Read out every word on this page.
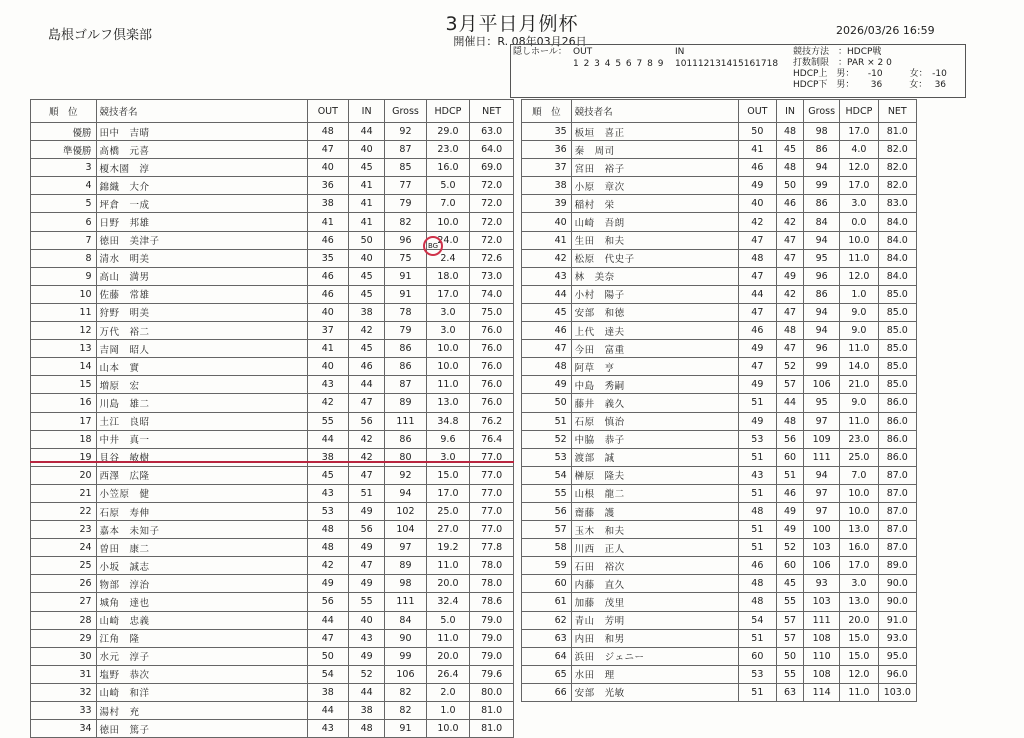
島根ゴルフ倶楽部
3月平日月例杯
開催日：R. 08年03月26日
2026/03/26 16:59
隠しホール： OUT
1 2 3 4 5 6 7 8 9
IN
101112131415161718
競技方法　：HDCP戦
打数制限　：PAR × 2 0
HDCP上　男：　　-10　　　女：　-10
HDCP下　男：　　 36　　　女：　 36
順　位	競技者名	OUT	IN	Gross	HDCP	NET
優勝	田中　吉晴	48	44	92	29.0	63.0
準優勝	高橋　元喜	47	40	87	23.0	64.0
3	榎木園　淳	40	45	85	16.0	69.0
4	錦織　大介	36	41	77	5.0	72.0
5	坪倉　一成	38	41	79	7.0	72.0
6	日野　邦雄	41	41	82	10.0	72.0
7	徳田　美津子	46	50	96	24.0	72.0
8	清水　明美	35	40	75	2.4	72.6
9	高山　満男	46	45	91	18.0	73.0
10	佐藤　常雄	46	45	91	17.0	74.0
11	狩野　明美	40	38	78	3.0	75.0
12	万代　裕二	37	42	79	3.0	76.0
13	吉岡　昭人	41	45	86	10.0	76.0
14	山本　實	40	46	86	10.0	76.0
15	増原　宏	43	44	87	11.0	76.0
16	川島　雄二	42	47	89	13.0	76.0
17	土江　良昭	55	56	111	34.8	76.2
18	中井　真一	44	42	86	9.6	76.4
19	貝谷　敏樹	38	42	80	3.0	77.0
20	西澤　広隆	45	47	92	15.0	77.0
21	小笠原　健	43	51	94	17.0	77.0
22	石原　寿伸	53	49	102	25.0	77.0
23	嘉本　未知子	48	56	104	27.0	77.0
24	曽田　康二	48	49	97	19.2	77.8
25	小坂　誠志	42	47	89	11.0	78.0
26	物部　淳治	49	49	98	20.0	78.0
27	城角　達也	56	55	111	32.4	78.6
28	山崎　忠義	44	40	84	5.0	79.0
29	江角　隆	47	43	90	11.0	79.0
30	水元　淳子	50	49	99	20.0	79.0
31	塩野　恭次	54	52	106	26.4	79.6
32	山崎　和洋	38	44	82	2.0	80.0
33	湯村　充	44	38	82	1.0	81.0
34	徳田　篤子	43	48	91	10.0	81.0
順　位	競技者名	OUT	IN	Gross	HDCP	NET
35	板垣　喜正	50	48	98	17.0	81.0
36	秦　周司	41	45	86	4.0	82.0
37	宮田　裕子	46	48	94	12.0	82.0
38	小原　章次	49	50	99	17.0	82.0
39	稲村　栄	40	46	86	3.0	83.0
40	山崎　吾朗	42	42	84	0.0	84.0
41	生田　和夫	47	47	94	10.0	84.0
42	松原　代史子	48	47	95	11.0	84.0
43	林　美奈	47	49	96	12.0	84.0
44	小村　陽子	44	42	86	1.0	85.0
45	安部　和徳	47	47	94	9.0	85.0
46	上代　達夫	46	48	94	9.0	85.0
47	今田　富重	49	47	96	11.0	85.0
48	阿草　亨	47	52	99	14.0	85.0
49	中島　秀嗣	49	57	106	21.0	85.0
50	藤井　義久	51	44	95	9.0	86.0
51	石原　慎治	49	48	97	11.0	86.0
52	中脇　恭子	53	56	109	23.0	86.0
53	渡部　誠	51	60	111	25.0	86.0
54	榊原　隆夫	43	51	94	7.0	87.0
55	山根　龍二	51	46	97	10.0	87.0
56	齋藤　護	48	49	97	10.0	87.0
57	玉木　和夫	51	49	100	13.0	87.0
58	川西　正人	51	52	103	16.0	87.0
59	石田　裕次	46	60	106	17.0	89.0
60	内藤　直久	48	45	93	3.0	90.0
61	加藤　茂里	48	55	103	13.0	90.0
62	青山　芳明	54	57	111	20.0	91.0
63	内田　和男	51	57	108	15.0	93.0
64	浜田　ジェニー	60	50	110	15.0	95.0
65	水田　理	53	55	108	12.0	96.0
66	安部　光敏	51	63	114	11.0	103.0
BG
